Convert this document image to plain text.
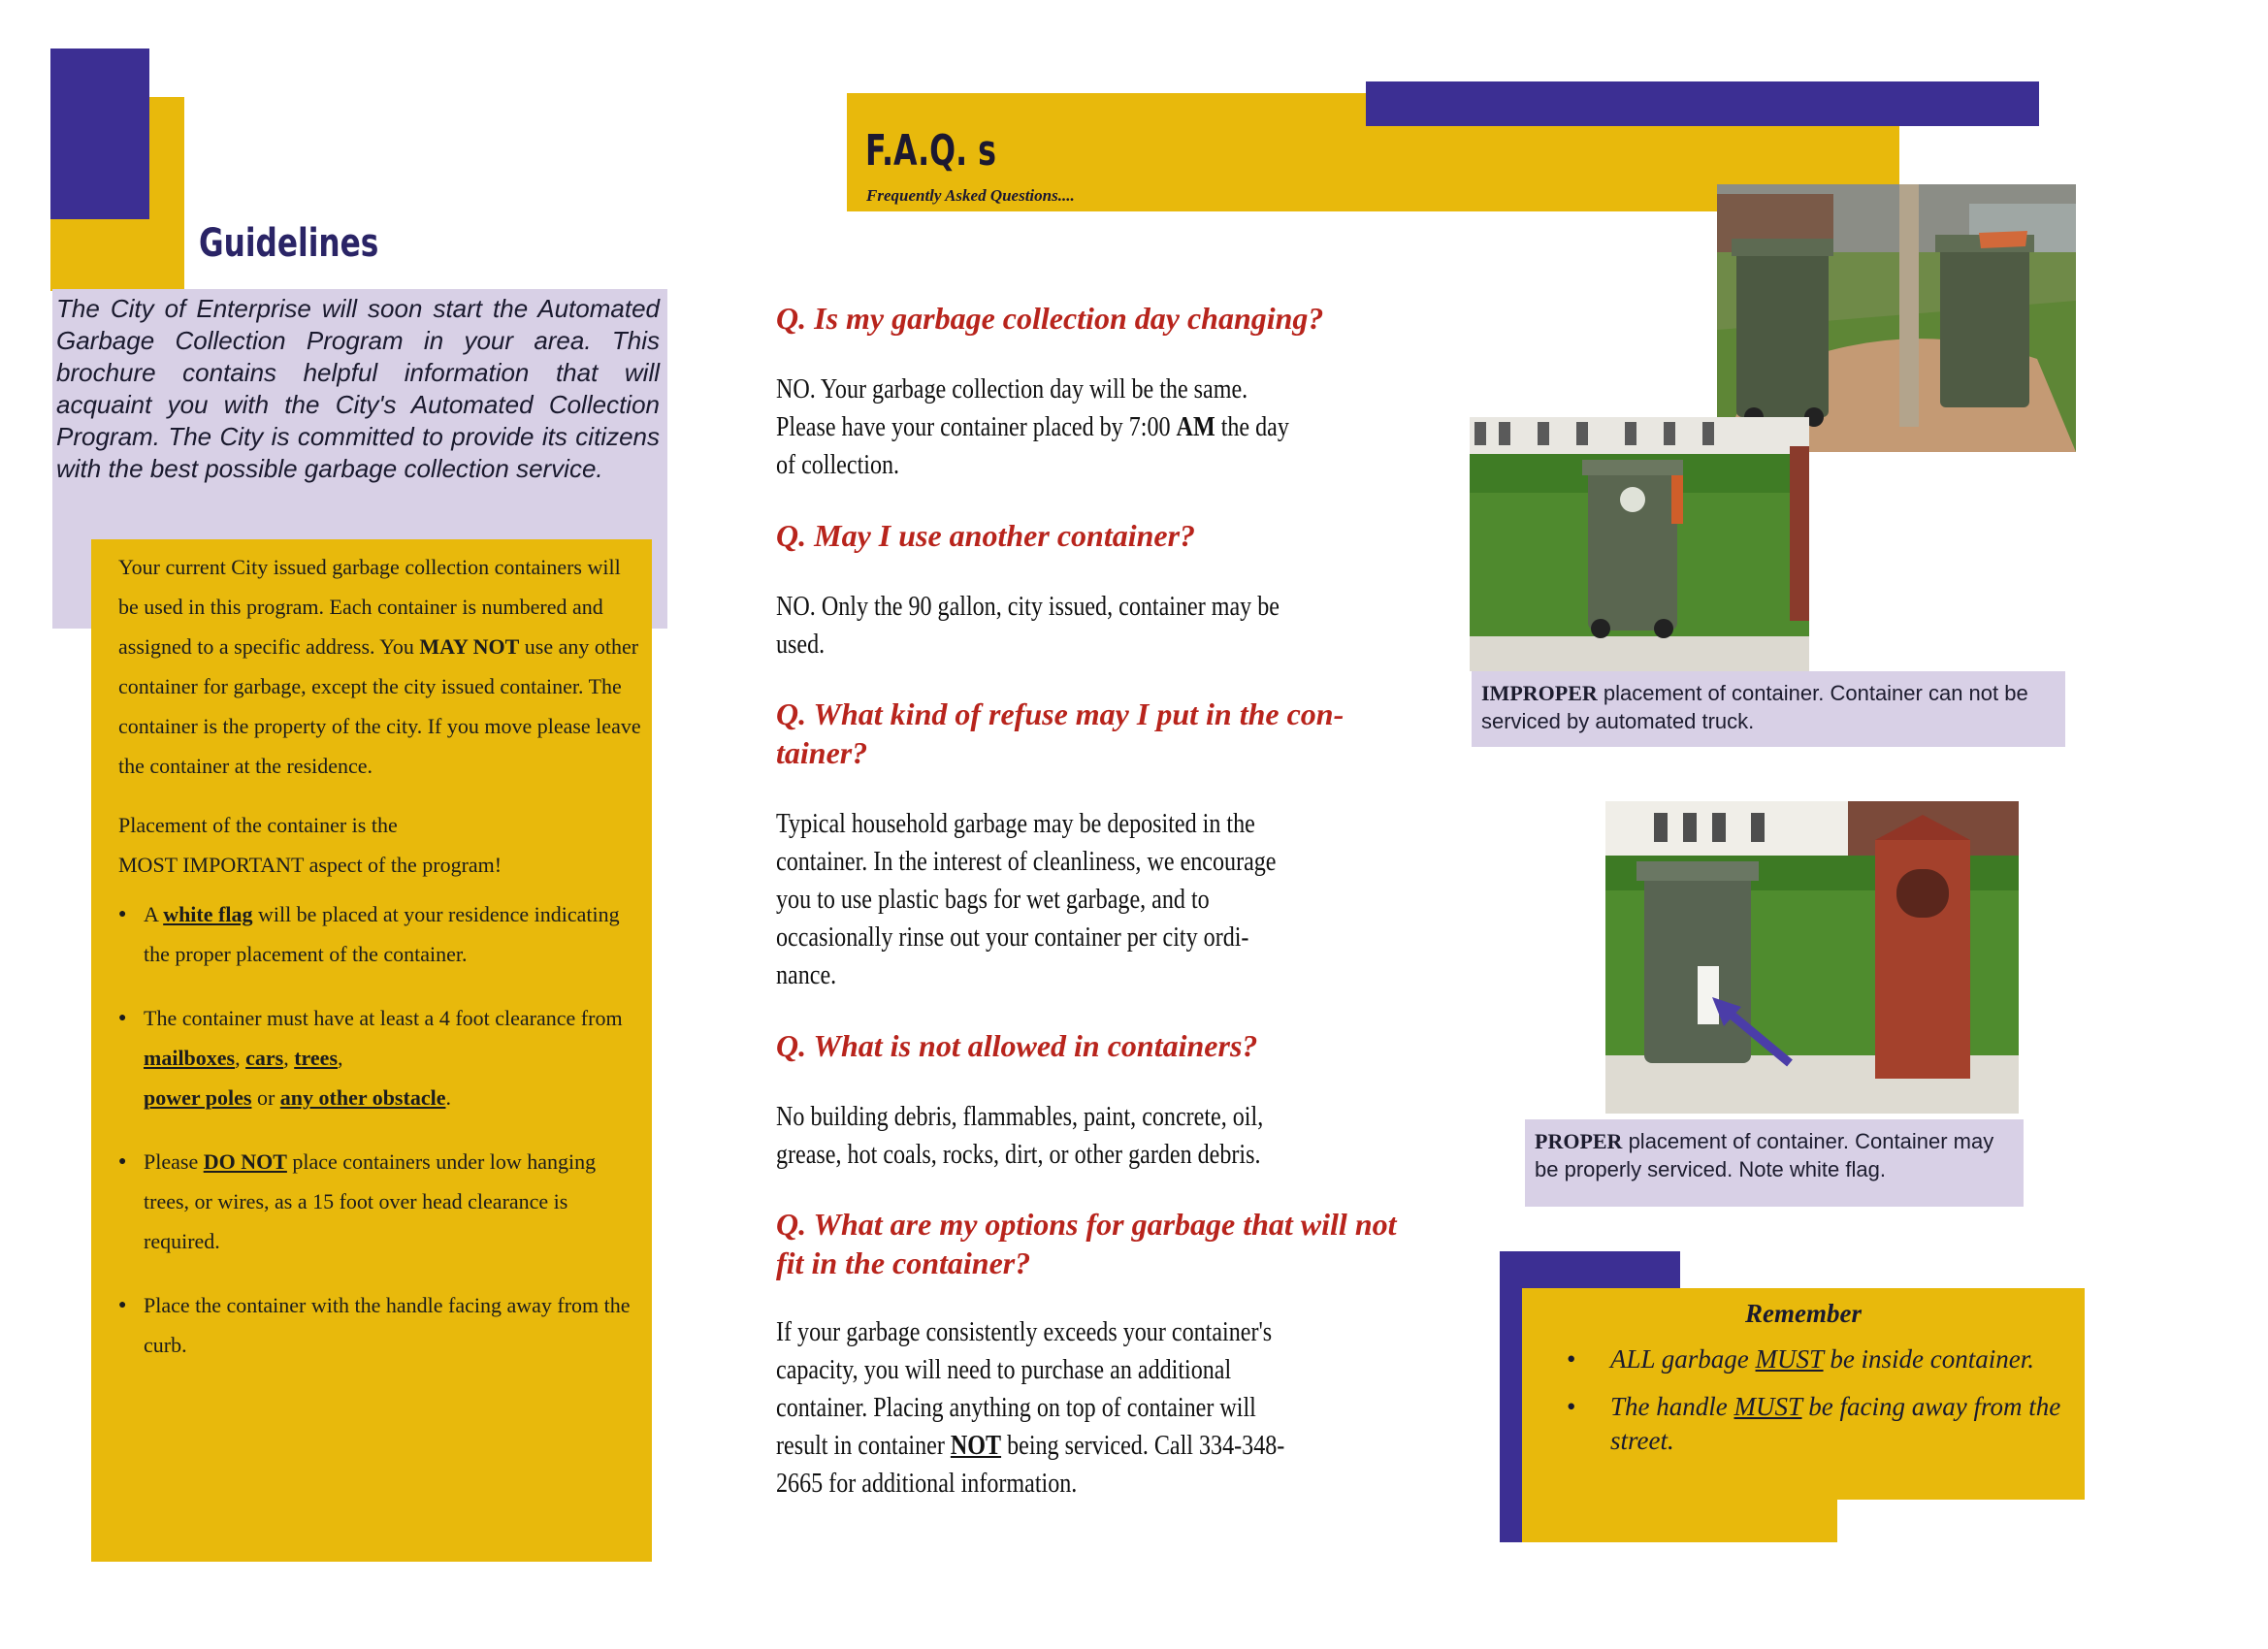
Guidelines
The City of Enterprise will soon start the Automated Garbage Collection Program in your area. This brochure contains helpful information that will acquaint you with the City's Automated Collection Program. The City is committed to provide its citizens with the best possible garbage collection service.

Your current City issued garbage collection containers will be used in this program. Each container is numbered and assigned to a specific address. You MAY NOT use any other container for garbage, except the city issued container. The container is the property of the city. If you move please leave the container at the residence.

Placement of the container is the

MOST IMPORTANT aspect of the program!

● A white flag will be placed at your residence indicating the proper placement of the container.
● The container must have at least a 4 foot clearance from mailboxes, cars, trees,
power poles or any other obstacle.
● Please DO NOT place containers under low hanging trees, or wires, as a 15 foot over head clearance is required.
● Place the container with the handle facing away from the curb.
F.A.Q. s
Frequently Asked Questions....
Q. Is my garbage collection day changing?
NO. Your garbage collection day will be the same. Please have your container placed by 7:00 AM the day of collection.
Q. May I use another container?
NO. Only the 90 gallon, city issued, container may be used.
Q. What kind of refuse may I put in the con-
tainer?
Typical household garbage may be deposited in the container. In the interest of cleanliness, we encourage you to use plastic bags for wet garbage, and to occasionally rinse out your container per city ordi- nance.
Q. What is not allowed in containers?
No building debris, flammables, paint, concrete, oil, grease, hot coals, rocks, dirt, or other garden debris.
Q. What are my options for garbage that will not fit in the container?
If your garbage consistently exceeds your container's capacity, you will need to purchase an additional container. Placing anything on top of container will result in container NOT being serviced. Call 334-348-2665 for additional information.
IMPROPER placement of container. Container can not be serviced by automated truck.
PROPER placement of container. Container may be properly serviced. Note white flag.
Remember
• ALL garbage MUST be inside container.
• The handle MUST be facing away from the street.
